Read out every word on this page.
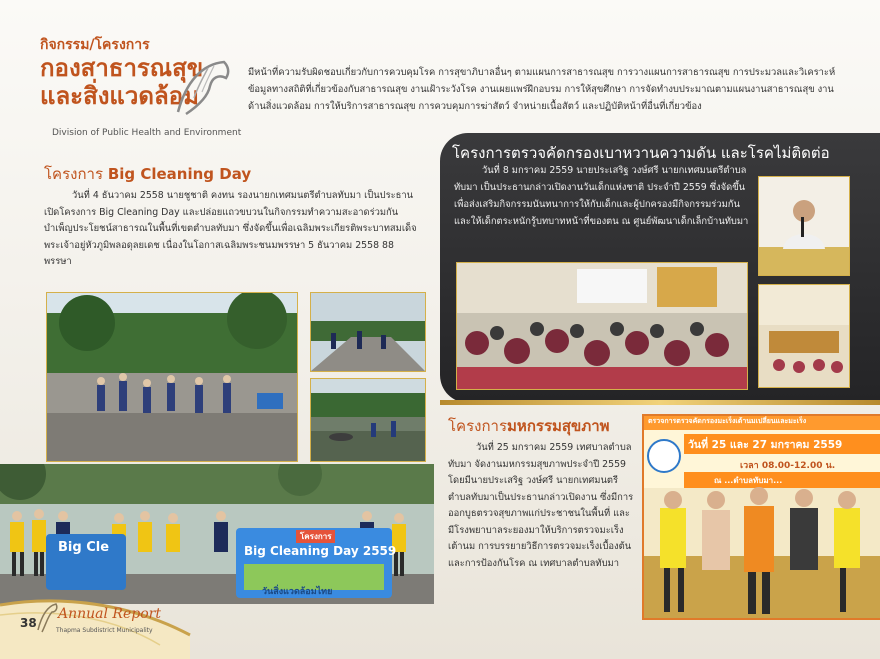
กิจกรรม/โครงการ
กองสาธารณสุข
และสิ่งแวดล้อม
Division of Public Health and Environment
มีหน้าที่ความรับผิดชอบเกี่ยวกับการควบคุมโรค การสุขาภิบาลอื่นๆ ตามแผนการสาธารณสุข การวางแผนการสาธารณสุข การประมวลและวิเคราะห์ข้อมูลทางสถิติที่เกี่ยวข้องกับสาธารณสุข งานเฝ้าระวังโรค งานเผยแพร่ฝึกอบรม การให้สุขศึกษา การจัดทำงบประมาณตามแผนงานสาธารณสุข งานด้านสิ่งแวดล้อม การให้บริการสาธารณสุข การควบคุมการฆ่าสัตว์ จำหน่ายเนื้อสัตว์ และปฏิบัติหน้าที่อื่นที่เกี่ยวข้อง
โครงการ Big Cleaning Day
วันที่ 4 ธันวาคม 2558 นายชูชาติ คงทน รองนายกเทศมนตรีตำบลทับมา เป็นประธานเปิดโครงการ Big Cleaning Day และปล่อยแถวขบวนในกิจกรรมทำความสะอาดร่วมกันบำเพ็ญประโยชน์สาธารณในพื้นที่เขตตำบลทับมา ซึ่งจัดขึ้นเพื่อเฉลิมพระเกียรติพระบาทสมเด็จพระเจ้าอยู่หัวภูมิพลอดุลยเดช เนื่องในโอกาสเฉลิมพระชนมพรรษา 5 ธันวาคม 2558 88 พรรษา
Big Cle
โครงการ
Big Cleaning Day 2559
วันสิ่งแวดล้อมไทย
โครงการตรวจคัดกรองเบาหวานความดัน และโรคไม่ติดต่อ
วันที่ 8 มกราคม 2559 นายประเสริฐ วงษ์ศรี นายกเทศมนตรีตำบลทับมา เป็นประธานกล่าวเปิดงานวันเด็กแห่งชาติ ประจำปี 2559 ซึ่งจัดขึ้นเพื่อส่งเสริมกิจกรรมนันทนาการให้กับเด็กและผู้ปกครองมีกิจกรรมร่วมกัน และให้เด็กตระหนักรู้บทบาทหน้าที่ของตน ณ ศูนย์พัฒนาเด็กเล็กบ้านทับมา
โครงการมหกรรมสุขภาพ
วันที่ 25 มกราคม 2559 เทศบาลตำบลทับมา จัดงานมหกรรมสุขภาพประจำปี 2559 โดยมีนายประเสริฐ วงษ์ศรี นายกเทศมนตรีตำบลทับมาเป็นประธานกล่าวเปิดงาน ซึ่งมีการออกบูธตรวจสุขภาพแก่ประชาชนในพื้นที่ และมีโรงพยาบาลระยองมาให้บริการตรวจมะเร็งเต้านม การบรรยายวิธีการตรวจมะเร็งเบื้องต้น และการป้องกันโรค ณ เทศบาลตำบลทับมา
ตรวจการตรวจคัดกรองมะเร็งเต้านมเปลี่ยนและมะเร็ง
วันที่ 25 และ 27 มกราคม 2559
เวลา 08.00-12.00 น.
ณ ...ตำบลทับมา...
38
Annual Report
Thapma Subdistrict Municipality
